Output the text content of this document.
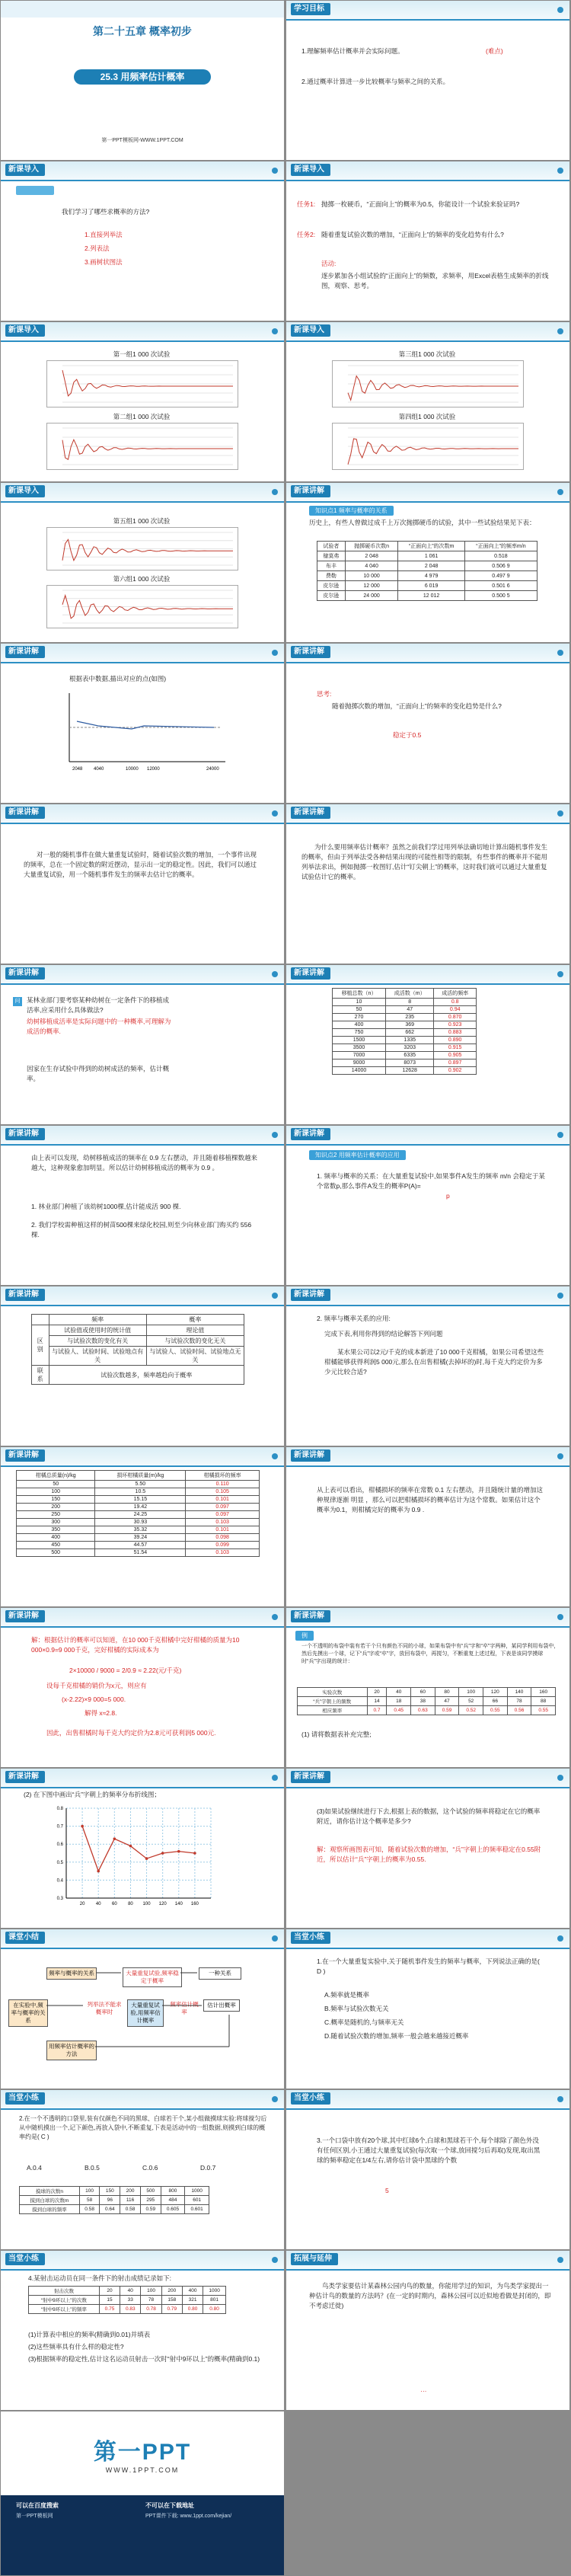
第二十五章 概率初步
25.3 用频率估计概率
第一PPT模板网-WWW.1PPT.COM
学习目标
1.理解频率估计概率并会实际问题。	(难点)
2.通过概率计算进一步比较概率与频率之间的关系。
新课导入
我们学习了哪些求概率的方法?
1.直接列举法
2.列表法
3.画树状图法
新课导入
任务1: 抛掷一枚硬币，“正面向上”的概率为0.5，你能设计一个试验来验证吗?
任务2: 随着重复试验次数的增加，“正面向上”的频率的变化趋势有什么?
活动:
逐步累加各小组试验的“正面向上”的频数，求频率，用Excel表格生成频率的折线图，观察、思考。
新课导入
第一组1 000 次试验
第二组1 000 次试验
新课导入
第三组1 000 次试验
第四组1 000 次试验
新课导入
第五组1 000 次试验
第六组1 000 次试验
新课讲解
知识点1 频率与概率的关系
历史上，有些人曾做过成千上万次抛掷硬币的试验，其中一些试验结果见下表：
试验者	抛掷硬币次数n	“正面向上”的次数m	“正面向上”的频率m/n
棣莫弗	2 048	1 061	0.518
布丰	4 040	2 048	0.506 9
费勒	10 000	4 979	0.497 9
皮尔逊	12 000	6 019	0.501 6
皮尔逊	24 000	12 012	0.500 5
新课讲解
根据表中数据,描出对应的点(如图)
2048 4040	10000 12000	24000
新课讲解
思考:
随着抛掷次数的增加，“正面向上”的频率的变化趋势是什么?
稳定于0.5
新课讲解
对一般的随机事件在做大量重复试验时，随着试验次数的增加，一个事件出现的频率，总在一个固定数的附近摆动，显示出一定的稳定性。因此，我们可以通过大量重复试验，用一个随机事件发生的频率去估计它的概率。
新课讲解
为什么要用频率估计概率？虽然之前我们学过用列举法确切地计算出随机事件发生的概率，但由于列举法受各种结果出现的可能性相等的限制，有些事件的概率并不能用列举法求出，例如抛掷一枚图钉,估计“钉尖朝上”的概率，这时我们就可以通过大量重复试验估计它的概率。
新课讲解
问 某林业部门要考察某种幼树在一定条件下的移植成活率,应采用什么具体做法?
幼树移植成活率是实际问题中的一种概率,可理解为成活的概率.
因家在生存试验中得到的幼树成活的频率，估计概率。
新课讲解
移植总数（n）	成活数（m）	成活的频率
10	8	0.8
50	47	0.94
270	235	0.870
400	369	0.923
750	662	0.883
1500	1335	0.890
3500	3203	0.915
7000	6335	0.905
9000	8073	0.897
14000	12628	0.902
新课讲解
由上表可以发现，幼树移植成活的频率在 0.9 左右摆动，并且随着移植棵数越来越大，这种现象愈加明显。所以估计幼树移植成活的概率为 0.9 。
1. 林业部门种植了该幼树1000棵,估计能成活 900 棵.
2. 我们学校需种植这样的树苗500棵来绿化校园,则至少向林业部门购买约 556 棵.
新课讲解
知识点2 用频率估计概率的应用
1. 频率与概率的关系：在大量重复试验中,如果事件A发生的频率 m/n 会稳定于某个常数p,那么事件A发生的概率P(A)=
p
新课讲解
	频率	概率
区别	试验值或使用时的统计值	理论值
	与试验次数的变化有关	与试验次数的变化无关
	与试验人、试验时间、试验地点有关	与试验人、试验时间、试验地点无关
联系	试验次数越多，频率越趋向于概率	
新课讲解
2. 频率与概率关系的应用:
完成下表,利用你得到的结论解答下列问题
某水果公司以2元/千克的成本新进了10 000千克柑橘，如果公司希望这些柑橘能够获得利润5 000元,那么在出售柑橘(去掉坏的)时,每千克大约定价为多少元比较合适?
新课讲解
柑橘总质量(n)/kg	损坏柑橘质量(m)/kg	柑橘损坏的频率
50	5.50	0.110
100	10.5	0.105
150	15.15	0.101
200	19.42	0.097
250	24.25	0.097
300	30.93	0.103
350	35.32	0.101
400	39.24	0.098
450	44.57	0.099
500	51.54	0.103
新课讲解
从上表可以看出，柑橘损坏的频率在常数 0.1 左右摆动，并且随统计量的增加这种规律逐渐 明显 ，那么可以把柑橘损坏的概率估计为这个常数。如果估计这个概率为0.1，则柑橘完好的概率为 0.9 .
新课讲解
解：根据估计的概率可以知道，在10 000千克柑橘中完好柑橘的质量为10 000×0.9=9 000千克，完好柑橘的实际成本为
2×10000 / 9000 = 2/0.9 ≈ 2.22(元/千克)
设每千克柑橘的销价为x元，则应有
(x-2.22)×9 000=5 000.
解得 x≈2.8.
因此，出售柑橘时每千克大约定价为2.8元可获利润5 000元.
新课讲解
例
一个不透明的布袋中装有若干个只有颜色不同的小球，如果布袋中有“兵”字和“卒”字两种，某同学利用布袋中，然后先摸出一个球，记下“兵”字或“卒”字，放回布袋中，再搅匀，不断重复上述过程，下表是该同学摸球时“兵”字出现的统计：
实验次数	20	40	60	80	100	120	140	160
“兵”字朝上的频数	14	18	38	47	52	66	78	88
相应频率	0.7	0.45	0.63	0.59	0.52	0.55	0.56	0.55
(1) 请将数据表补充完整;
新课讲解
(2) 在下图中画出“兵”字朝上的频率分布折线图；
0.3
0.4
0.5
0.6
0.7
0.8
20 40 60 80 100 120 140 160
新课讲解
(3)如果试验继续进行下去,根据上表的数据，这个试验的频率将稳定在它的概率附近，请你估计这个概率是多少?
解：观察所画图表可知，随着试验次数的增加，“兵”字朝上的频率稳定在0.55附近，所以估计“兵”字朝上的概率为0.55.
课堂小结
频率与概率的关系	大量重复试验,频率稳定于概率
一种关系
在实验中,频率与概率的关系
列举法不能求概率时
大量重复试验,用频率估计概率
频率估计概率
估计出概率
用频率估计概率的方法
当堂小练
1.在一个大量重复实验中,关于随机事件发生的频率与概率，下列说法正确的是( D )
A.频率就是概率
B.频率与试验次数无关
C.概率是随机的,与频率无关
D.随着试验次数的增加,频率一般会越来越接近概率
当堂小练
2.在一个不透明的口袋里,装有仅颜色不同的黑球、白球若干个,某小组做摸球实验:将球搅匀后从中随机摸出一个,记下颜色,再放入袋中,不断重复,下表是活动中的一组数据,则摸到白球的概率约是( C )
A.0.4	B.0.5	C.0.6	D.0.7
摸球的次数n	100	150	200	500	800	1000
摸到白球的次数m	58	96	116	295	484	601
摸到白球的频率	0.58	0.64	0.58	0.59	0.605	0.601
当堂小练
3.一个口袋中放有20个球,其中红球6个,白球和黑球若干个,每个球除了颜色外没有任何区别,小王通过大量重复试验(每次取一个球,放回搅匀后再取)发现,取出黑球的频率稳定在1/4左右,请你估计袋中黑球的个数
5
当堂小练
4.某射击运动员在同一条件下的射击成绩记录如下:
射击次数	20	40	100	200	400	1000
“射中9环以上”的次数	15	33	78	158	321	801
“射中9环以上”的频率	0.75	0.83	0.78	0.79	0.80	0.80
(1)计算表中相应的频率(精确到0.01)并填表
(2)这些频率具有什么样的稳定性?
(3)根据频率的稳定性,估计这名运动员射击一次时“射中9环以上”的概率(精确到0.1)
拓展与延伸
鸟类学家要估计某森林公园内鸟的数量，你能用学过的知识，为鸟类学家提出一种估计鸟的数量的方法吗？(在一定的时期内，森林公园可以近似地看做是封闭的，即不考虑迁徙)
···
第一PPT
WWW.1PPT.COM
可以在百度搜索
第一PPT模板网
不可以在下载地址
PPT课件下载: www.1ppt.com/kejian/
